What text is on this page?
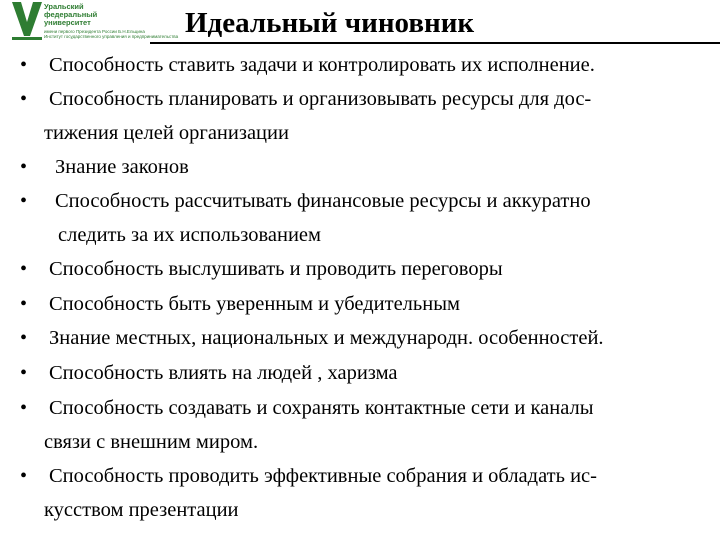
Уральский
федеральный
университет
имени первого Президента России Б.Н.Ельцина
Институт государственного управления и предпринимательства Идеальный чиновник
• Способность ставить задачи и контролировать их исполнение.
• Способность планировать и организовывать ресурсы для дос-
тижения целей организации
• Знание законов
• Способность рассчитывать финансовые ресурсы и аккуратно
следить за их использованием
• Способность выслушивать и проводить переговоры
• Способность быть уверенным и убедительным
• Знание местных, национальных и международн. особенностей.
• Способность влиять на людей , харизма
• Способность создавать и сохранять контактные сети и каналы
связи с внешним миром.
• Способность проводить эффективные собрания и обладать ис-
кусством презентации
